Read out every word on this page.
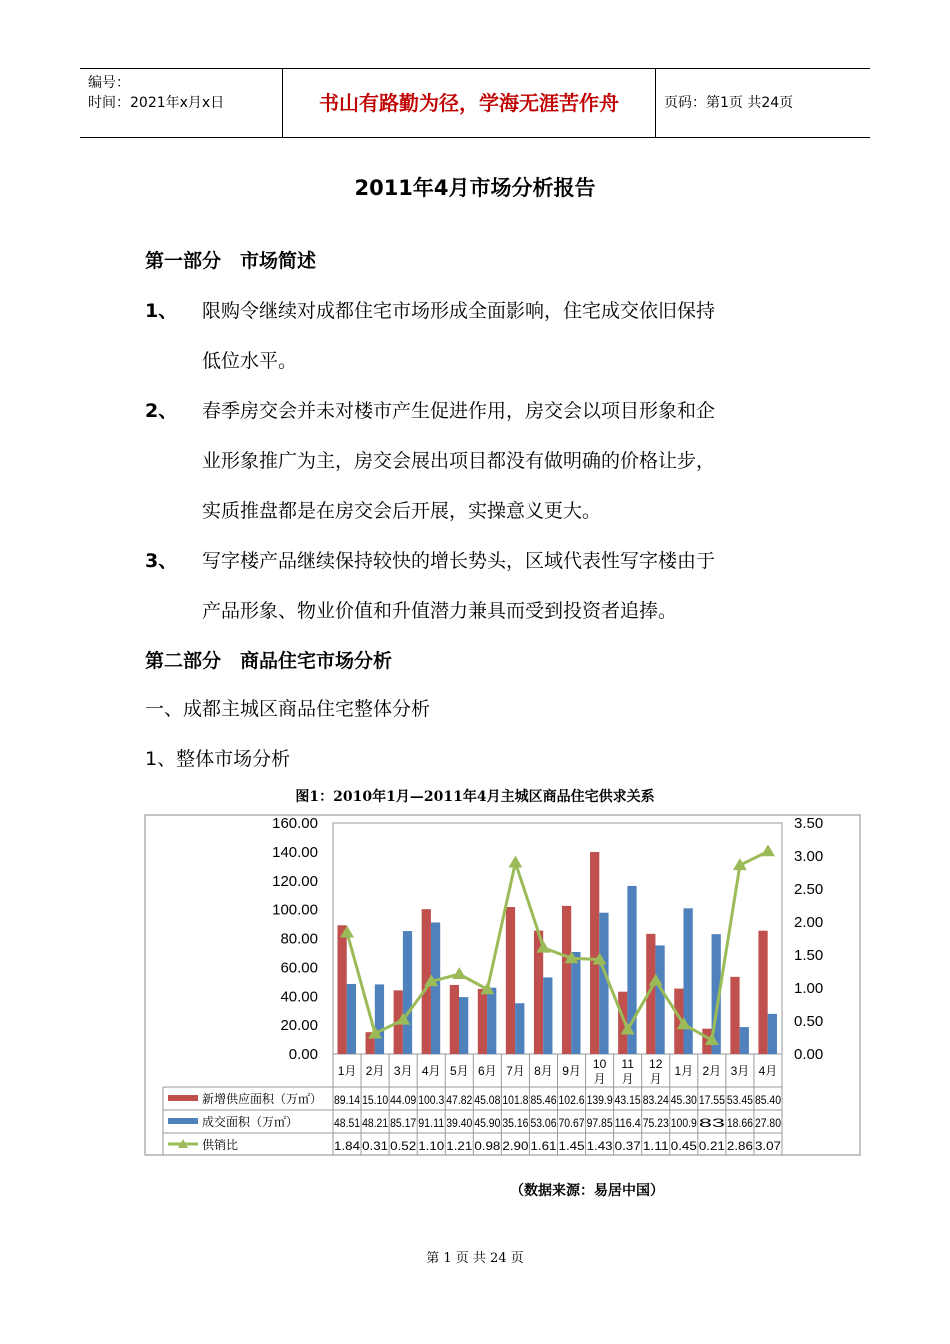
编号：
时间：2021年x月x日	书山有路勤为径，学海无涯苦作舟	页码：第1页 共24页
2011年4月市场分析报告
第一部分　市场简述
1、 限购令继续对成都住宅市场形成全面影响，住宅成交依旧保持
低位水平。
2、 春季房交会并未对楼市产生促进作用，房交会以项目形象和企
业形象推广为主，房交会展出项目都没有做明确的价格让步，
实质推盘都是在房交会后开展，实操意义更大。
3、 写字楼产品继续保持较快的增长势头，区域代表性写字楼由于
产品形象、物业价值和升值潜力兼具而受到投资者追捧。
第二部分　商品住宅市场分析
一、成都主城区商品住宅整体分析
1、整体市场分析
图1：2010年1月—2011年4月主城区商品住宅供求关系
0.00
20.00
40.00
60.00
80.00
100.00
120.00
140.00
160.00
0.00
0.50
1.00
1.50
2.00
2.50
3.00
3.50
1月 2月 3月 4月 5月 6月 7月 8月 9月 10
月
11
月
12
月
1月 2月 3月 4月
新增供应面积（万㎡）
成交面积（万㎡）
供销比
89.14 15.10 44.09 100.3 47.82 45.08 101.8 85.46 102.6 139.9 43.15 83.24 45.30 17.55 53.45 85.40
48.51 48.21 85.17 91.11 39.40 45.90 35.16 53.06 70.67 97.85 116.4 75.23 100.9 83 18.66 27.80
1.84 0.31 0.52 1.10 1.21 0.98 2.90 1.61 1.45 1.43 0.37 1.11 0.45 0.21 2.86 3.07
（数据来源：易居中国）
第 1 页 共 24 页
